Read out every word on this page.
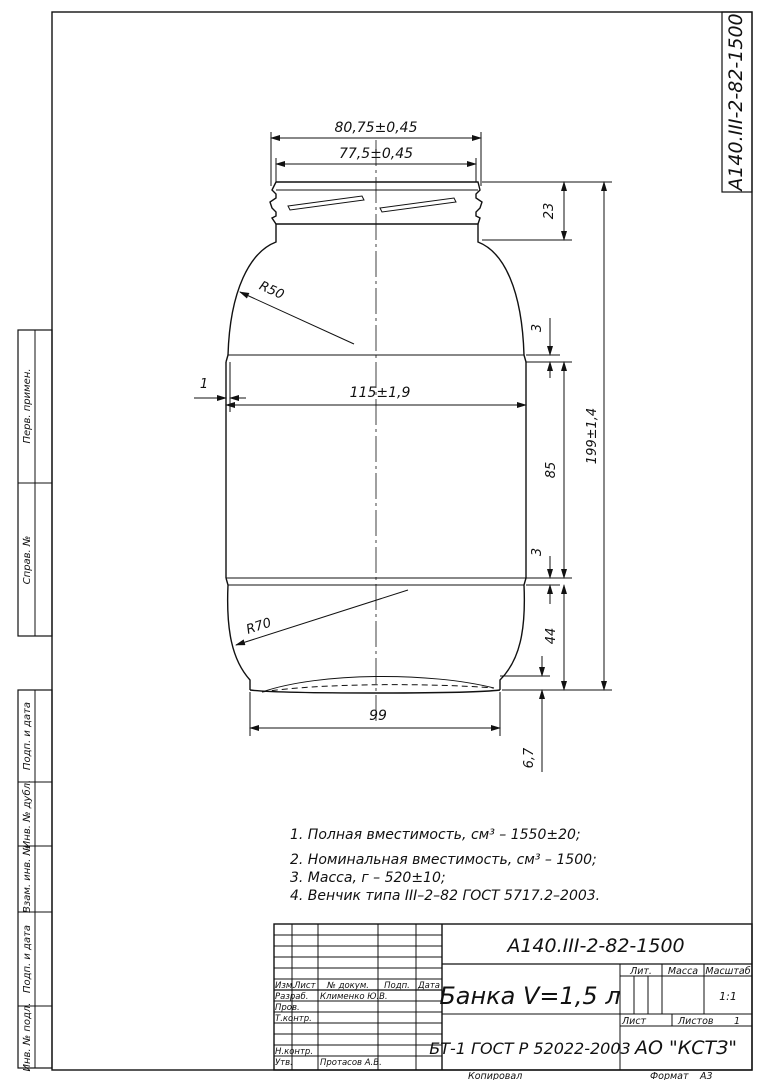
А140.III-2-82-1500
Перв. примен.
Справ. №
Подп. и дата
Инв. № дубл.
Взам. инв. №
Подп. и дата
Инв. № подл.
80,75±0,45
77,5±0,45
23
199±1,4
3
85
3
44
6,7
115±1,9
1
R50
R70
99
1. Полная вместимость, см³ – 1550±20;
2. Номинальная вместимость, см³ – 1500;
3. Масса, г – 520±10;
4. Венчик типа III–2–82 ГОСТ 5717.2–2003.
А140.III-2-82-1500
Банка V=1,5 л
БТ-1 ГОСТ Р 52022-2003 АО "КСТЗ"
Изм. Лист № докум. Подп. Дата
Разраб. Клименко Ю.В.
Пров.
Т.контр.
Н.контр.
Утв.	Протасов А.В.
Лит. Масса Масштаб
1:1
Лист	Листов 1
Копировал	Формат А3
